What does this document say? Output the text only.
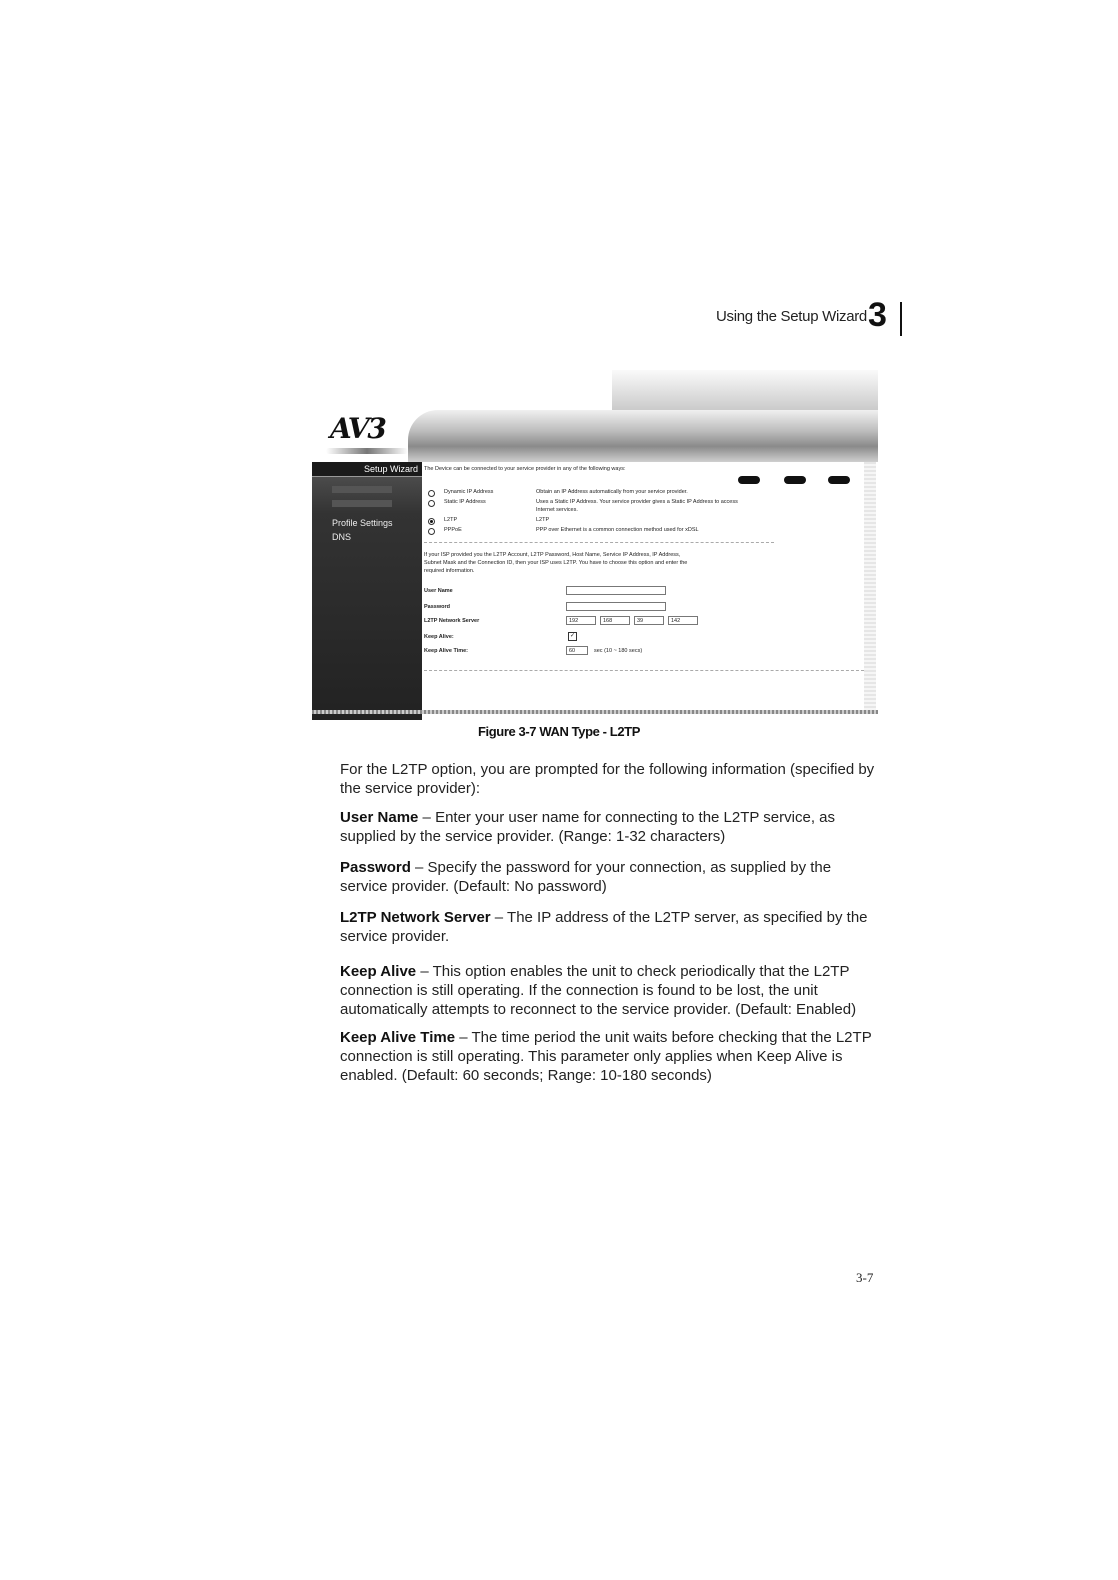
Using the Setup Wizard 3
AV3
Setup Wizard
Profile Settings
DNS
The Device can be connected to your service provider in any of the following ways:
Dynamic IP Address	Obtain an IP Address automatically from your service provider.
Static IP Address	Uses a Static IP Address. Your service provider gives a Static IP Address to access
Internet services.
L2TP	L2TP
PPPoE	PPP over Ethernet is a common connection method used for xDSL
If your ISP provided you the L2TP Account, L2TP Password, Host Name, Service IP Address, IP Address,
Subnet Mask and the Connection ID, then your ISP uses L2TP. You have to choose this option and enter the
required information.
User Name
Password
L2TP Network Server	192	168	39	142
Keep Alive:	✓
Keep Alive Time:	60	sec (10 ~ 180 secs)
Figure 3-7 WAN Type - L2TP
For the L2TP option, you are prompted for the following information (specified by the service provider):
User Name – Enter your user name for connecting to the L2TP service, as supplied by the service provider. (Range: 1-32 characters)
Password – Specify the password for your connection, as supplied by the service provider. (Default: No password)
L2TP Network Server – The IP address of the L2TP server, as specified by the service provider.
Keep Alive – This option enables the unit to check periodically that the L2TP connection is still operating. If the connection is found to be lost, the unit automatically attempts to reconnect to the service provider. (Default: Enabled)
Keep Alive Time – The time period the unit waits before checking that the L2TP connection is still operating. This parameter only applies when Keep Alive is enabled. (Default: 60 seconds; Range: 10-180 seconds)
3-7
